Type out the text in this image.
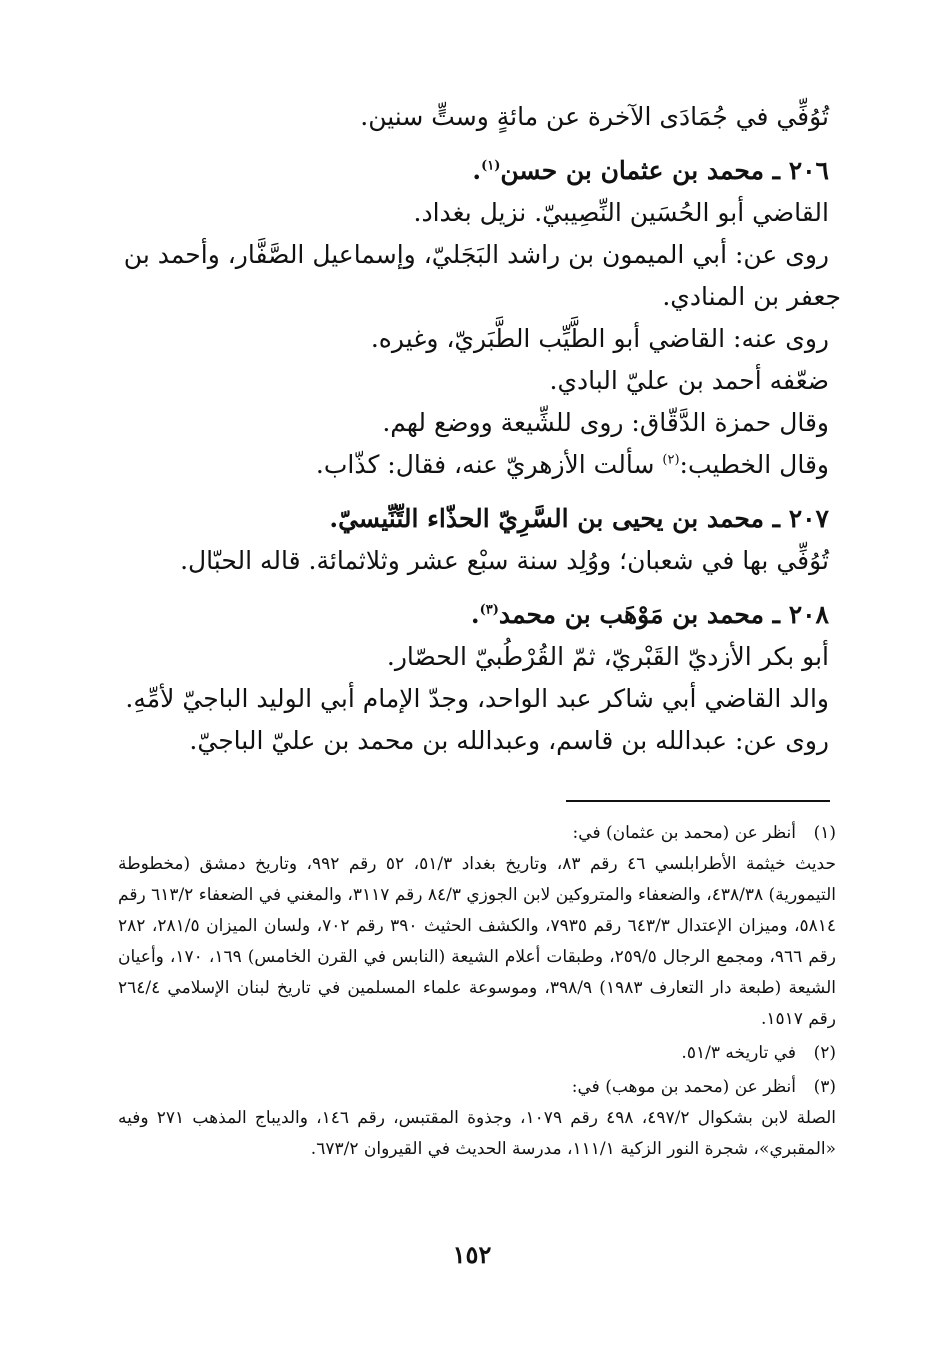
تُوُفِّي في جُمَادَى الآخرة عن مائةٍ وستٍّ سنين.

٢٠٦ ـ محمد بن عثمان بن حسن$^{(١)}$.

القاضي أبو الحُسَين النِّصِيبيّ. نزيل بغداد.

روى عن: أبي الميمون بن راشد البَجَليّ، وإسماعيل الصَّفَّار، وأحمد بن

جعفر بن المنادي.

روى عنه: القاضي أبو الطَّيِّب الطَّبَريّ، وغيره.

ضعّفه أحمد بن عليّ البادي.

وقال حمزة الدَّقّاق: روى للشِّيعة ووضع لهم.

وقال الخطيب:$^{(٢)}$ سألت الأزهريّ عنه، فقال: كذّاب.

٢٠٧ ـ محمد بن يحيى بن السَّرِيّ الحذّاء التِّنِّيسيّ.

تُوُفِّي بها في شعبان؛ ووُلِد سنة سبْع عشر وثلاثمائة. قاله الحبّال.

٢٠٨ ـ محمد بن مَوْهَب بن محمد$^{(٣)}$.

أبو بكر الأزديّ القَبْريّ، ثمّ القُرْطُبيّ الحصّار.

والد القاضي أبي شاكر عبد الواحد، وجدّ الإمام أبي الوليد الباجيّ لأمِّهِ.

روى عن: عبدالله بن قاسم، وعبدالله بن محمد بن عليّ الباجيّ.

(١)

أنظر عن (محمد بن عثمان) في:

حديث خيثمة الأطرابلسي ٤٦ رقم ٨٣، وتاريخ بغداد ٥١/٣، ٥٢ رقم ٩٩٢، وتاريخ دمشق (مخطوطة التيمورية) ٤٣٨/٣٨، والضعفاء والمتروكين لابن الجوزي ٨٤/٣ رقم ٣١١٧، والمغني في الضعفاء ٦١٣/٢ رقم ٥٨١٤، وميزان الإعتدال ٦٤٣/٣ رقم ٧٩٣٥، والكشف الحثيث ٣٩٠ رقم ٧٠٢، ولسان الميزان ٢٨١/٥، ٢٨٢ رقم ٩٦٦، ومجمع الرجال ٢٥٩/٥، وطبقات أعلام الشيعة (النابس في القرن الخامس) ١٦٩، ١٧٠، وأعيان الشيعة (طبعة دار التعارف ١٩٨٣) ٣٩٨/٩، وموسوعة علماء المسلمين في تاريخ لبنان الإسلامي ٢٦٤/٤ رقم ١٥١٧.

(٢)

في تاريخه ٥١/٣.

(٣)

أنظر عن (محمد بن موهب) في:

الصلة لابن بشكوال ٤٩٧/٢، ٤٩٨ رقم ١٠٧٩، وجذوة المقتبس، رقم ١٤٦، والديباج المذهب ٢٧١ وفيه «المقبري»، شجرة النور الزكية ١١١/١، مدرسة الحديث في القيروان ٦٧٣/٢.

١٥٢
